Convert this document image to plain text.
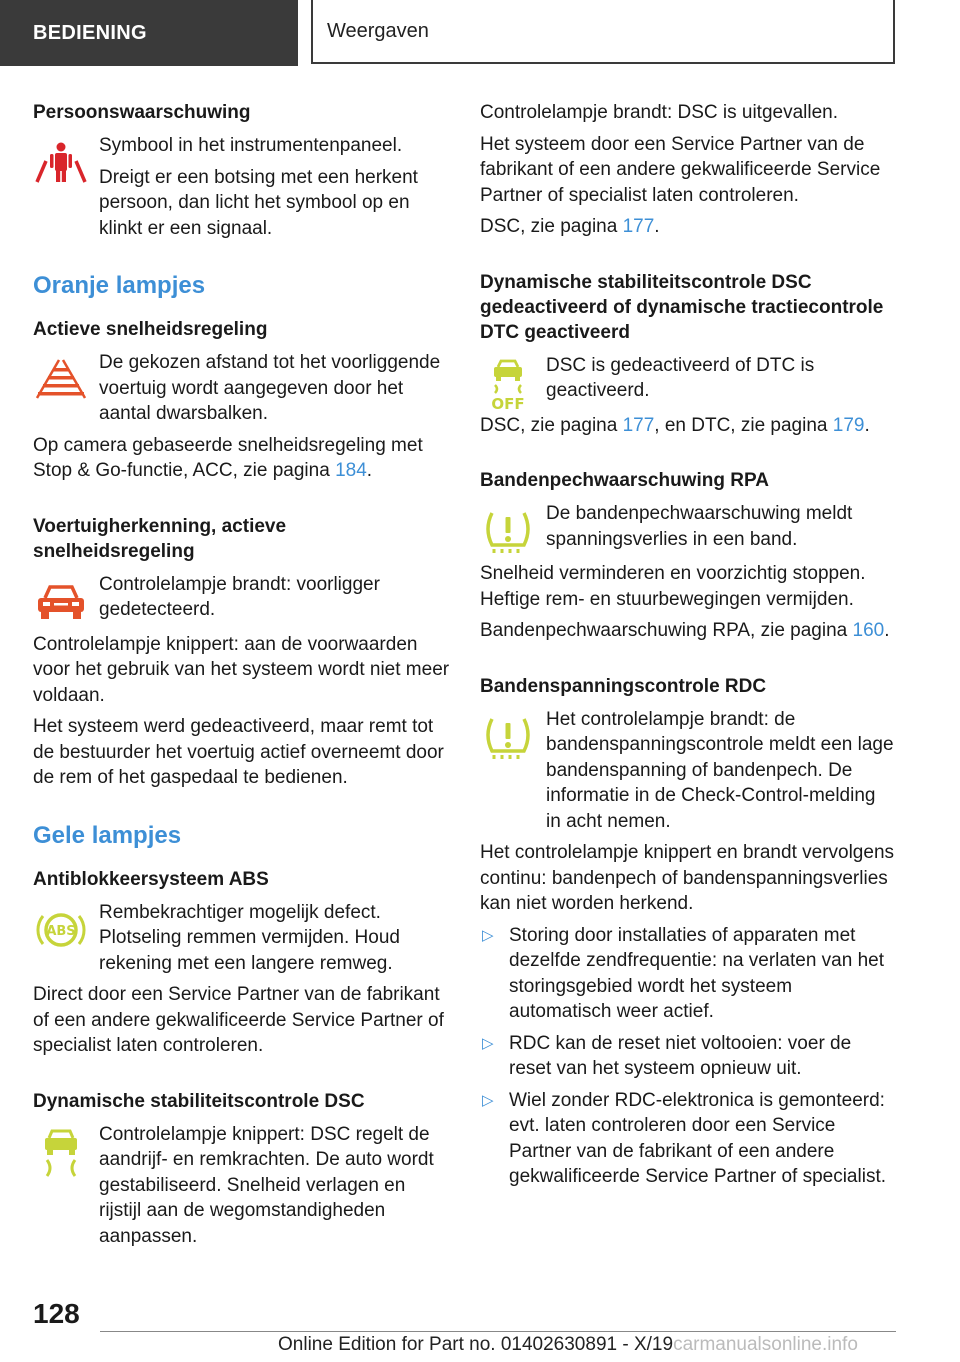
BEDIENING	Weergaven
Persoonswaarschuwing

Symbool in het instrumentenpaneel.

Dreigt er een botsing met een herkent persoon, dan licht het symbool op en klinkt er een signaal.

Oranje lampjes
Actieve snelheidsregeling

De gekozen afstand tot het voorliggende voertuig wordt aangegeven door het aantal dwarsbalken.

Op camera gebaseerde snelheidsregeling met Stop & Go-functie, ACC, zie pagina 184.

Voertuigherkenning, actieve snelheidsregeling

Controlelampje brandt: voorligger gedetecteerd.

Controlelampje knippert: aan de voorwaarden voor het gebruik van het systeem wordt niet meer voldaan.

Het systeem werd gedeactiveerd, maar remt tot de bestuurder het voertuig actief overneemt door de rem of het gaspedaal te bedienen.

Gele lampjes
Antiblokkeersysteem ABS
ABS

Rembekrachtiger mogelijk defect. Plotseling remmen vermijden. Houd rekening met een langere remweg.

Direct door een Service Partner van de fabrikant of een andere gekwalificeerde Service Partner of specialist laten controleren.

Dynamische stabiliteitscontrole DSC

Controlelampje knippert: DSC regelt de aandrijf- en remkrachten. De auto wordt gestabiliseerd. Snelheid verlagen en rijstijl aan de wegomstandigheden aanpassen.

Controlelampje brandt: DSC is uitgevallen.

Het systeem door een Service Partner van de fabrikant of een andere gekwalificeerde Service Partner of specialist laten controleren.

DSC, zie pagina 177.

Dynamische stabiliteitscontrole DSC gedeactiveerd of dynamische tractiecontrole DTC geactiveerd
OFF

DSC is gedeactiveerd of DTC is geactiveerd.

DSC, zie pagina 177, en DTC, zie pagina 179.

Bandenpechwaarschuwing RPA

De bandenpechwaarschuwing meldt spanningsverlies in een band.

Snelheid verminderen en voorzichtig stoppen. Heftige rem- en stuurbewegingen vermijden.

Bandenpechwaarschuwing RPA, zie pagina 160.

Bandenspanningscontrole RDC

Het controlelampje brandt: de bandenspanningscontrole meldt een lage bandenspanning of bandenpech. De informatie in de Check-Control-melding in acht nemen.

Het controlelampje knippert en brandt vervolgens continu: bandenpech of bandenspanningsverlies kan niet worden herkend.

▷ Storing door installaties of apparaten met dezelfde zendfrequentie: na verlaten van het storingsgebied wordt het systeem automatisch weer actief.
▷ RDC kan de reset niet voltooien: voer de reset van het systeem opnieuw uit.
▷ Wiel zonder RDC-elektronica is gemonteerd: evt. laten controleren door een Service Partner van de fabrikant of een andere gekwalificeerde Service Partner of specialist.
128
Online Edition for Part no. 01402630891 - X/19carmanualsonline.info
